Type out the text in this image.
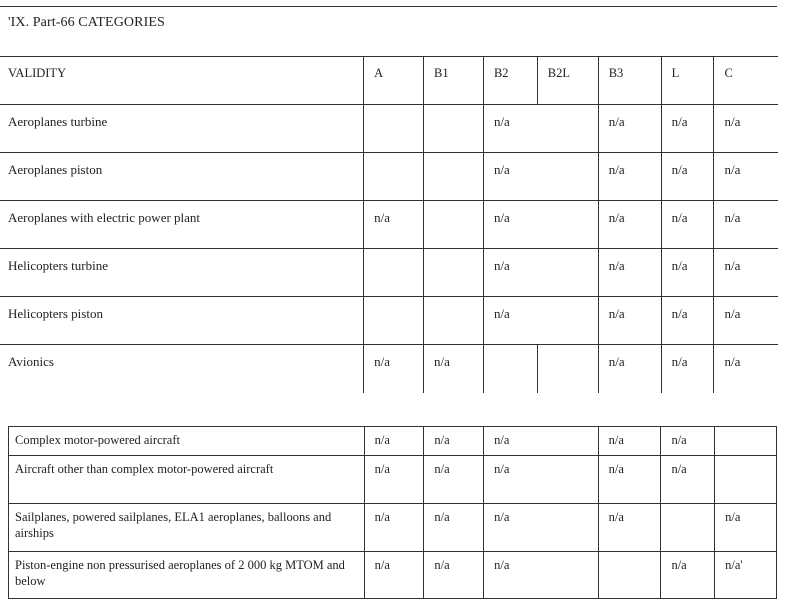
'IX. Part-66 CATEGORIES
VALIDITY	A	B1	B2	B2L	B3	L	C
Aeroplanes turbine			n/a		n/a	n/a	n/a
Aeroplanes piston			n/a		n/a	n/a	n/a
Aeroplanes with electric power plant	n/a		n/a		n/a	n/a	n/a
Helicopters turbine			n/a		n/a	n/a	n/a
Helicopters piston			n/a		n/a	n/a	n/a
Avionics	n/a	n/a			n/a	n/a	n/a
Complex motor-powered aircraft	n/a	n/a	n/a		n/a	n/a	
Aircraft other than complex motor-powered aircraft	n/a	n/a	n/a		n/a	n/a	
Sailplanes, powered sailplanes, ELA1 aeroplanes, balloons and airships	n/a	n/a	n/a		n/a		n/a
Piston-engine non pressurised aeroplanes of 2 000 kg MTOM and below	n/a	n/a	n/a			n/a	n/a'
